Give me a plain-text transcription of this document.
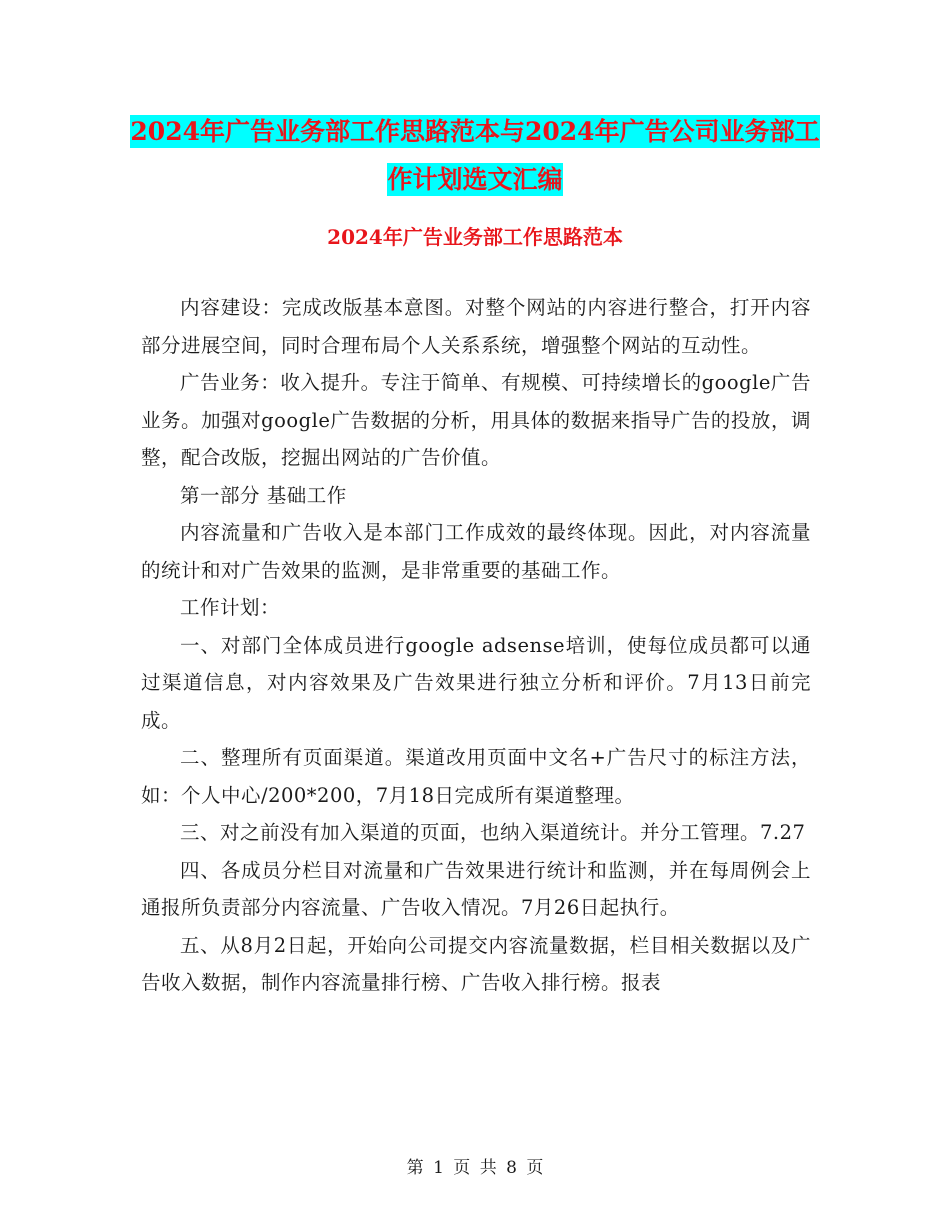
2024年广告业务部工作思路范本与2024年广告公司业务部工作计划选文汇编
2024年广告业务部工作思路范本

内容建设：完成改版基本意图。对整个网站的内容进行整合，打开内容部分进展空间，同时合理布局个人关系系统，增强整个网站的互动性。

广告业务：收入提升。专注于简单、有规模、可持续增长的google广告业务。加强对google广告数据的分析，用具体的数据来指导广告的投放，调整，配合改版，挖掘出网站的广告价值。

第一部分 基础工作

内容流量和广告收入是本部门工作成效的最终体现。因此，对内容流量的统计和对广告效果的监测，是非常重要的基础工作。

工作计划：

一、对部门全体成员进行google adsense培训，使每位成员都可以通过渠道信息，对内容效果及广告效果进行独立分析和评价。7月13日前完成。

二、整理所有页面渠道。渠道改用页面中文名+广告尺寸的标注方法，如：个人中心/200*200，7月18日完成所有渠道整理。

三、对之前没有加入渠道的页面，也纳入渠道统计。并分工管理。7.27

四、各成员分栏目对流量和广告效果进行统计和监测，并在每周例会上通报所负责部分内容流量、广告收入情况。7月26日起执行。

五、从8月2日起，开始向公司提交内容流量数据，栏目相关数据以及广告收入数据，制作内容流量排行榜、广告收入排行榜。报表

第 1 页 共 8 页
